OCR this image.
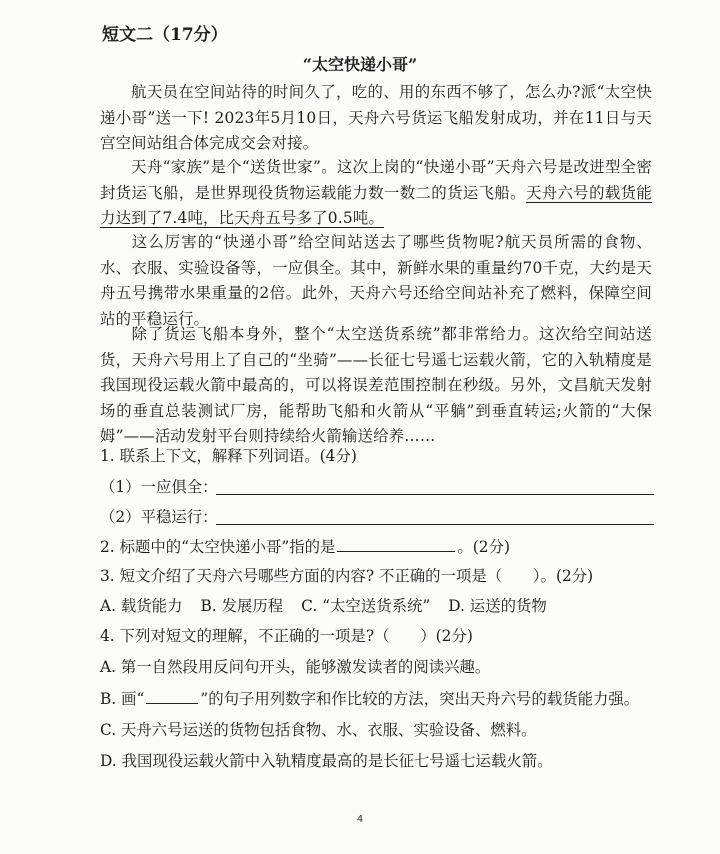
短文二（17分）
“太空快递小哥”
航天员在空间站待的时间久了，吃的、用的东西不够了，怎么办?派“太空快递小哥”送一下! 2023年5月10日，天舟六号货运飞船发射成功，并在11日与天宫空间站组合体完成交会对接。
天舟“家族”是个“送货世家”。这次上岗的“快递小哥”天舟六号是改进型全密封货运飞船，是世界现役货物运载能力数一数二的货运飞船。天舟六号的载货能力达到了7.4吨，比天舟五号多了0.5吨。
这么厉害的“快递小哥”给空间站送去了哪些货物呢?航天员所需的食物、水、衣服、实验设备等，一应俱全。其中，新鲜水果的重量约70千克，大约是天舟五号携带水果重量的2倍。此外，天舟六号还给空间站补充了燃料，保障空间站的平稳运行。
除了货运飞船本身外，整个“太空送货系统”都非常给力。这次给空间站送货，天舟六号用上了自己的“坐骑”——长征七号遥七运载火箭，它的入轨精度是我国现役运载火箭中最高的，可以将误差范围控制在秒级。另外，文昌航天发射场的垂直总装测试厂房，能帮助飞船和火箭从“平躺”到垂直转运;火箭的“大保姆”——活动发射平台则持续给火箭输送给养……
1. 联系上下文，解释下列词语。(4分)
（1）一应俱全：
（2）平稳运行：
2. 标题中的“太空快递小哥”指的是	。(2分)
3. 短文介绍了天舟六号哪些方面的内容? 不正确的一项是（　　）。(2分)
A. 载货能力 B. 发展历程 C. “太空送货系统” D. 运送的货物
4. 下列对短文的理解，不正确的一项是?（　　）(2分)
A. 第一自然段用反问句开头，能够激发读者的阅读兴趣。
B. 画“	”的句子用列数字和作比较的方法，突出天舟六号的载货能力强。
C. 天舟六号运送的货物包括食物、水、衣服、实验设备、燃料。
D. 我国现役运载火箭中入轨精度最高的是长征七号遥七运载火箭。
4
